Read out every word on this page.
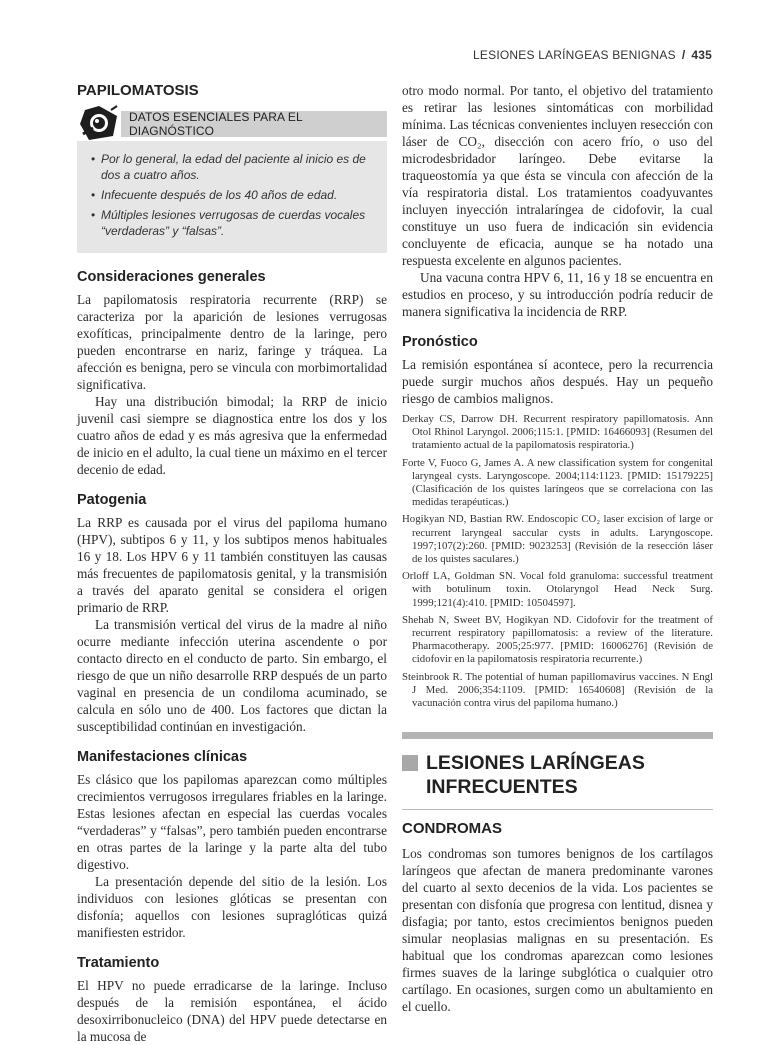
LESIONES LARÍNGEAS BENIGNAS / 435
PAPILOMATOSIS
DATOS ESENCIALES PARA EL DIAGNÓSTICO
• Por lo general, la edad del paciente al inicio es de dos a cuatro años.
• Infecuente después de los 40 años de edad.
• Múltiples lesiones verrugosas de cuerdas vocales “verdaderas” y “falsas”.
Consideraciones generales

La papilomatosis respiratoria recurrente (RRP) se caracteriza por la aparición de lesiones verrugosas exofíticas, principalmente dentro de la laringe, pero pueden encontrarse en nariz, faringe y tráquea. La afección es benigna, pero se vincula con morbimortalidad significativa.

Hay una distribución bimodal; la RRP de inicio juvenil casi siempre se diagnostica entre los dos y los cuatro años de edad y es más agresiva que la enfermedad de inicio en el adulto, la cual tiene un máximo en el tercer decenio de edad.

Patogenia

La RRP es causada por el virus del papiloma humano (HPV), subtipos 6 y 11, y los subtipos menos habituales 16 y 18. Los HPV 6 y 11 también constituyen las causas más frecuentes de papilomatosis genital, y la transmisión a través del aparato genital se considera el origen primario de RRP.

La transmisión vertical del virus de la madre al niño ocurre mediante infección uterina ascendente o por contacto directo en el conducto de parto. Sin embargo, el riesgo de que un niño desarrolle RRP después de un parto vaginal en presencia de un condiloma acuminado, se calcula en sólo uno de 400. Los factores que dictan la susceptibilidad continúan en investigación.

Manifestaciones clínicas

Es clásico que los papilomas aparezcan como múltiples crecimientos verrugosos irregulares friables en la laringe. Estas lesiones afectan en especial las cuerdas vocales “verdaderas” y “falsas”, pero también pueden encontrarse en otras partes de la laringe y la parte alta del tubo digestivo.

La presentación depende del sitio de la lesión. Los individuos con lesiones glóticas se presentan con disfonía; aquellos con lesiones supraglóticas quizá manifiesten estridor.

Tratamiento

El HPV no puede erradicarse de la laringe. Incluso después de la remisión espontánea, el ácido desoxirribonucleico (DNA) del HPV puede detectarse en la mucosa de

otro modo normal. Por tanto, el objetivo del tratamiento es retirar las lesiones sintomáticas con morbilidad mínima. Las técnicas convenientes incluyen resección con láser de CO₂, disección con acero frío, o uso del microdesbridador laríngeo. Debe evitarse la traqueostomía ya que ésta se vincula con afección de la vía respiratoria distal. Los tratamientos coadyuvantes incluyen inyección intralaríngea de cidofovir, la cual constituye un uso fuera de indicación sin evidencia concluyente de eficacia, aunque se ha notado una respuesta excelente en algunos pacientes.

Una vacuna contra HPV 6, 11, 16 y 18 se encuentra en estudios en proceso, y su introducción podría reducir de manera significativa la incidencia de RRP.

Pronóstico

La remisión espontánea sí acontece, pero la recurrencia puede surgir muchos años después. Hay un pequeño riesgo de cambios malignos.

Derkay CS, Darrow DH. Recurrent respiratory papillomatosis. Ann Otol Rhinol Laryngol. 2006;115:1. [PMID: 16466093] (Resumen del tratamiento actual de la papilomatosis respiratoria.)

Forte V, Fuoco G, James A. A new classification system for congenital laryngeal cysts. Laryngoscope. 2004;114:1123. [PMID: 15179225] (Clasificación de los quistes laríngeos que se correlaciona con las medidas terapéuticas.)

Hogikyan ND, Bastian RW. Endoscopic CO₂ laser excision of large or recurrent laryngeal saccular cysts in adults. Laryngoscope. 1997;107(2):260. [PMID: 9023253] (Revisión de la resección láser de los quistes saculares.)

Orloff LA, Goldman SN. Vocal fold granuloma: successful treatment with botulinum toxin. Otolaryngol Head Neck Surg. 1999;121(4):410. [PMID: 10504597].

Shehab N, Sweet BV, Hogikyan ND. Cidofovir for the treatment of recurrent respiratory papillomatosis: a review of the literature. Pharmacotherapy. 2005;25:977. [PMID: 16006276] (Revisión de cidofovir en la papilomatosis respiratoria recurrente.)

Steinbrook R. The potential of human papillomavirus vaccines. N Engl J Med. 2006;354:1109. [PMID: 16540608] (Revisión de la vacunación contra virus del papiloma humano.)

LESIONES LARÍNGEAS
INFRECUENTES
CONDROMAS

Los condromas son tumores benignos de los cartílagos laríngeos que afectan de manera predominante varones del cuarto al sexto decenios de la vida. Los pacientes se presentan con disfonía que progresa con lentitud, disnea y disfagia; por tanto, estos crecimientos benignos pueden simular neoplasias malignas en su presentación. Es habitual que los condromas aparezcan como lesiones firmes suaves de la laringe subglótica o cualquier otro cartílago. En ocasiones, surgen como un abultamiento en el cuello.
